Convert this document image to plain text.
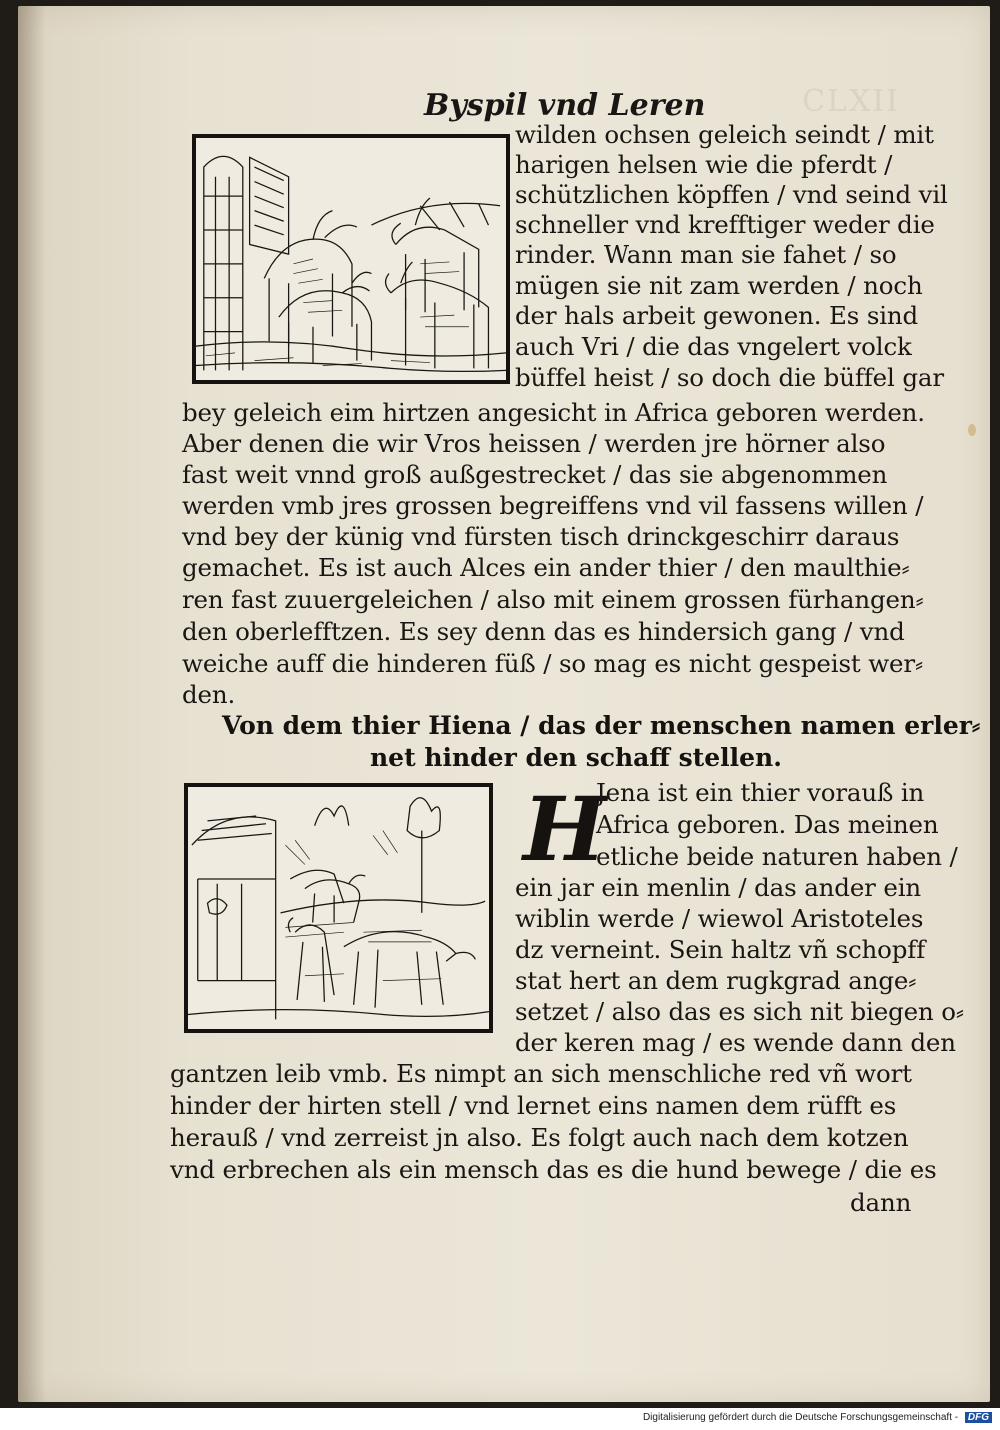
CLXII
Byspil vnd Leren
wilden ochsen geleich seindt / mit
harigen helsen wie die pferdt /
schützlichen köpffen / vnd seind vil
schneller vnd krefftiger weder die
rinder. Wann man sie fahet / so
mügen sie nit zam werden / noch
der hals arbeit gewonen. Es sind
auch Vri / die das vngelert volck
büffel heist / so doch die büffel gar
bey geleich eim hirtzen angesicht in Africa geboren werden.
Aber denen die wir Vros heissen / werden jre hörner also
fast weit vnnd groß außgestrecket / das sie abgenommen
werden vmb jres grossen begreiffens vnd vil fassens willen /
vnd bey der künig vnd fürsten tisch drinckgeschirr daraus
gemachet. Es ist auch Alces ein ander thier / den maulthie⸗
ren fast zuuergeleichen / also mit einem grossen fürhangen⸗
den oberlefftzen. Es sey denn das es hindersich gang / vnd
weiche auff die hinderen füß / so mag es nicht gespeist wer⸗
den.
Von dem thier Hiena / das der menschen namen erler⸗
net hinder den schaff stellen.
H
Jena ist ein thier vorauß in
Africa geboren. Das meinen
etliche beide naturen haben /
ein jar ein menlin / das ander ein
wiblin werde / wiewol Aristoteles
dz verneint. Sein haltz vñ schopff
stat hert an dem rugkgrad ange⸗
setzet / also das es sich nit biegen o⸗
der keren mag / es wende dann den
gantzen leib vmb. Es nimpt an sich menschliche red vñ wort
hinder der hirten stell / vnd lernet eins namen dem rüfft es
herauß / vnd zerreist jn also. Es folgt auch nach dem kotzen
vnd erbrechen als ein mensch das es die hund bewege / die es
dann
Digitalisierung gefördert durch die Deutsche Forschungsgemeinschaft - DFG
